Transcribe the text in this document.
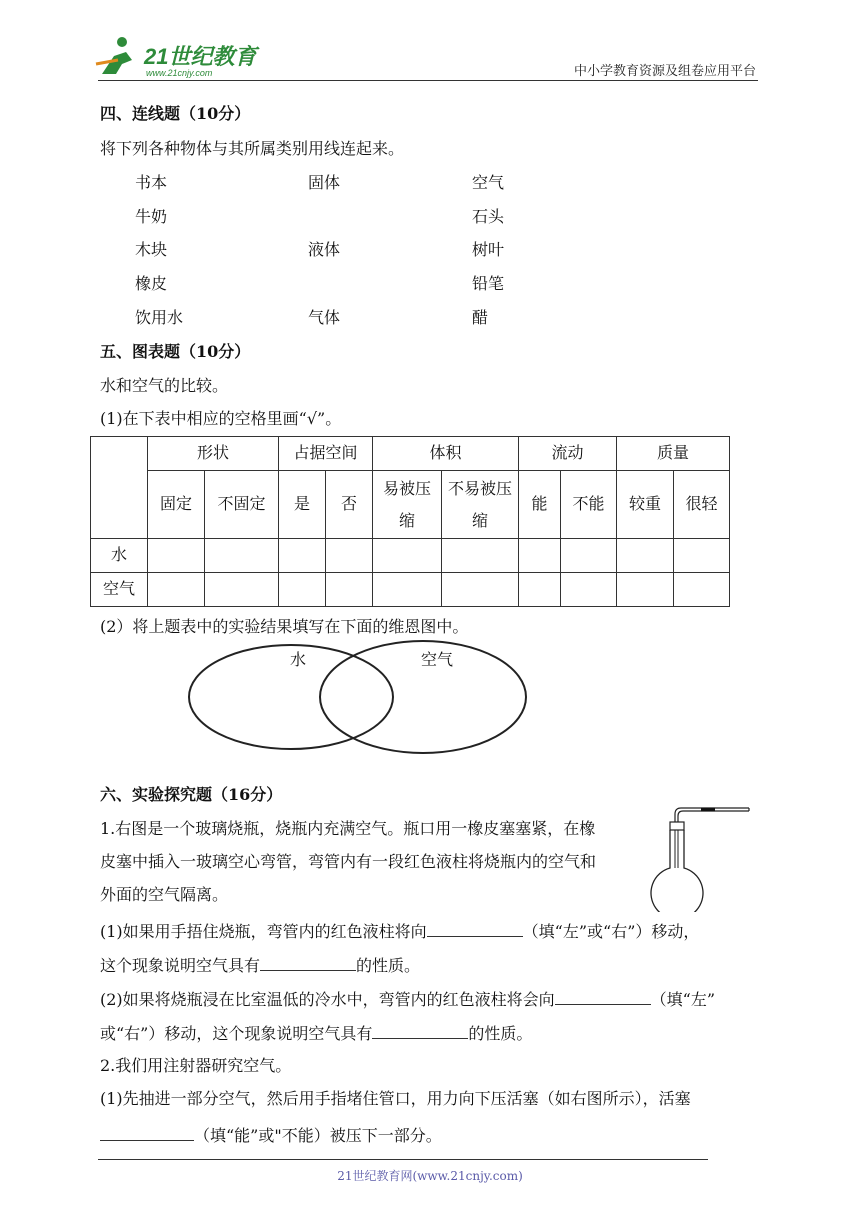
21世纪教育
www.21cnjy.com	中小学教育资源及组卷应用平台
四、连线题（10分）
将下列各种物体与其所属类别用线连起来。
书本
牛奶
木块
橡皮
饮用水
固体
液体
气体
空气
石头
树叶
铅笔
醋
五、图表题（10分）
水和空气的比较。
(1)在下表中相应的空格里画“√”。
	形状		占据空间		体积		流动		质量	
	固定	不固定	是	否	易被压缩	不易被压缩	能	不能	较重	很轻
水										
空气										
(2）将上题表中的实验结果填写在下面的维恩图中。
水	空气
六、实验探究题（16分）
1.右图是一个玻璃烧瓶，烧瓶内充满空气。瓶口用一橡皮塞塞紧，在橡
皮塞中插入一玻璃空心弯管，弯管内有一段红色液柱将烧瓶内的空气和
外面的空气隔离。
(1)如果用手捂住烧瓶，弯管内的红色液柱将向	（填“左”或“右”）移动，
这个现象说明空气具有	的性质。
(2)如果将烧瓶浸在比室温低的冷水中，弯管内的红色液柱将会向	（填“左”
或“右”）移动，这个现象说明空气具有	的性质。
2.我们用注射器研究空气。
(1)先抽进一部分空气，然后用手指堵住管口，用力向下压活塞（如右图所示），活塞
（填“能”或"不能）被压下一部分。
21世纪教育网(www.21cnjy.com)
